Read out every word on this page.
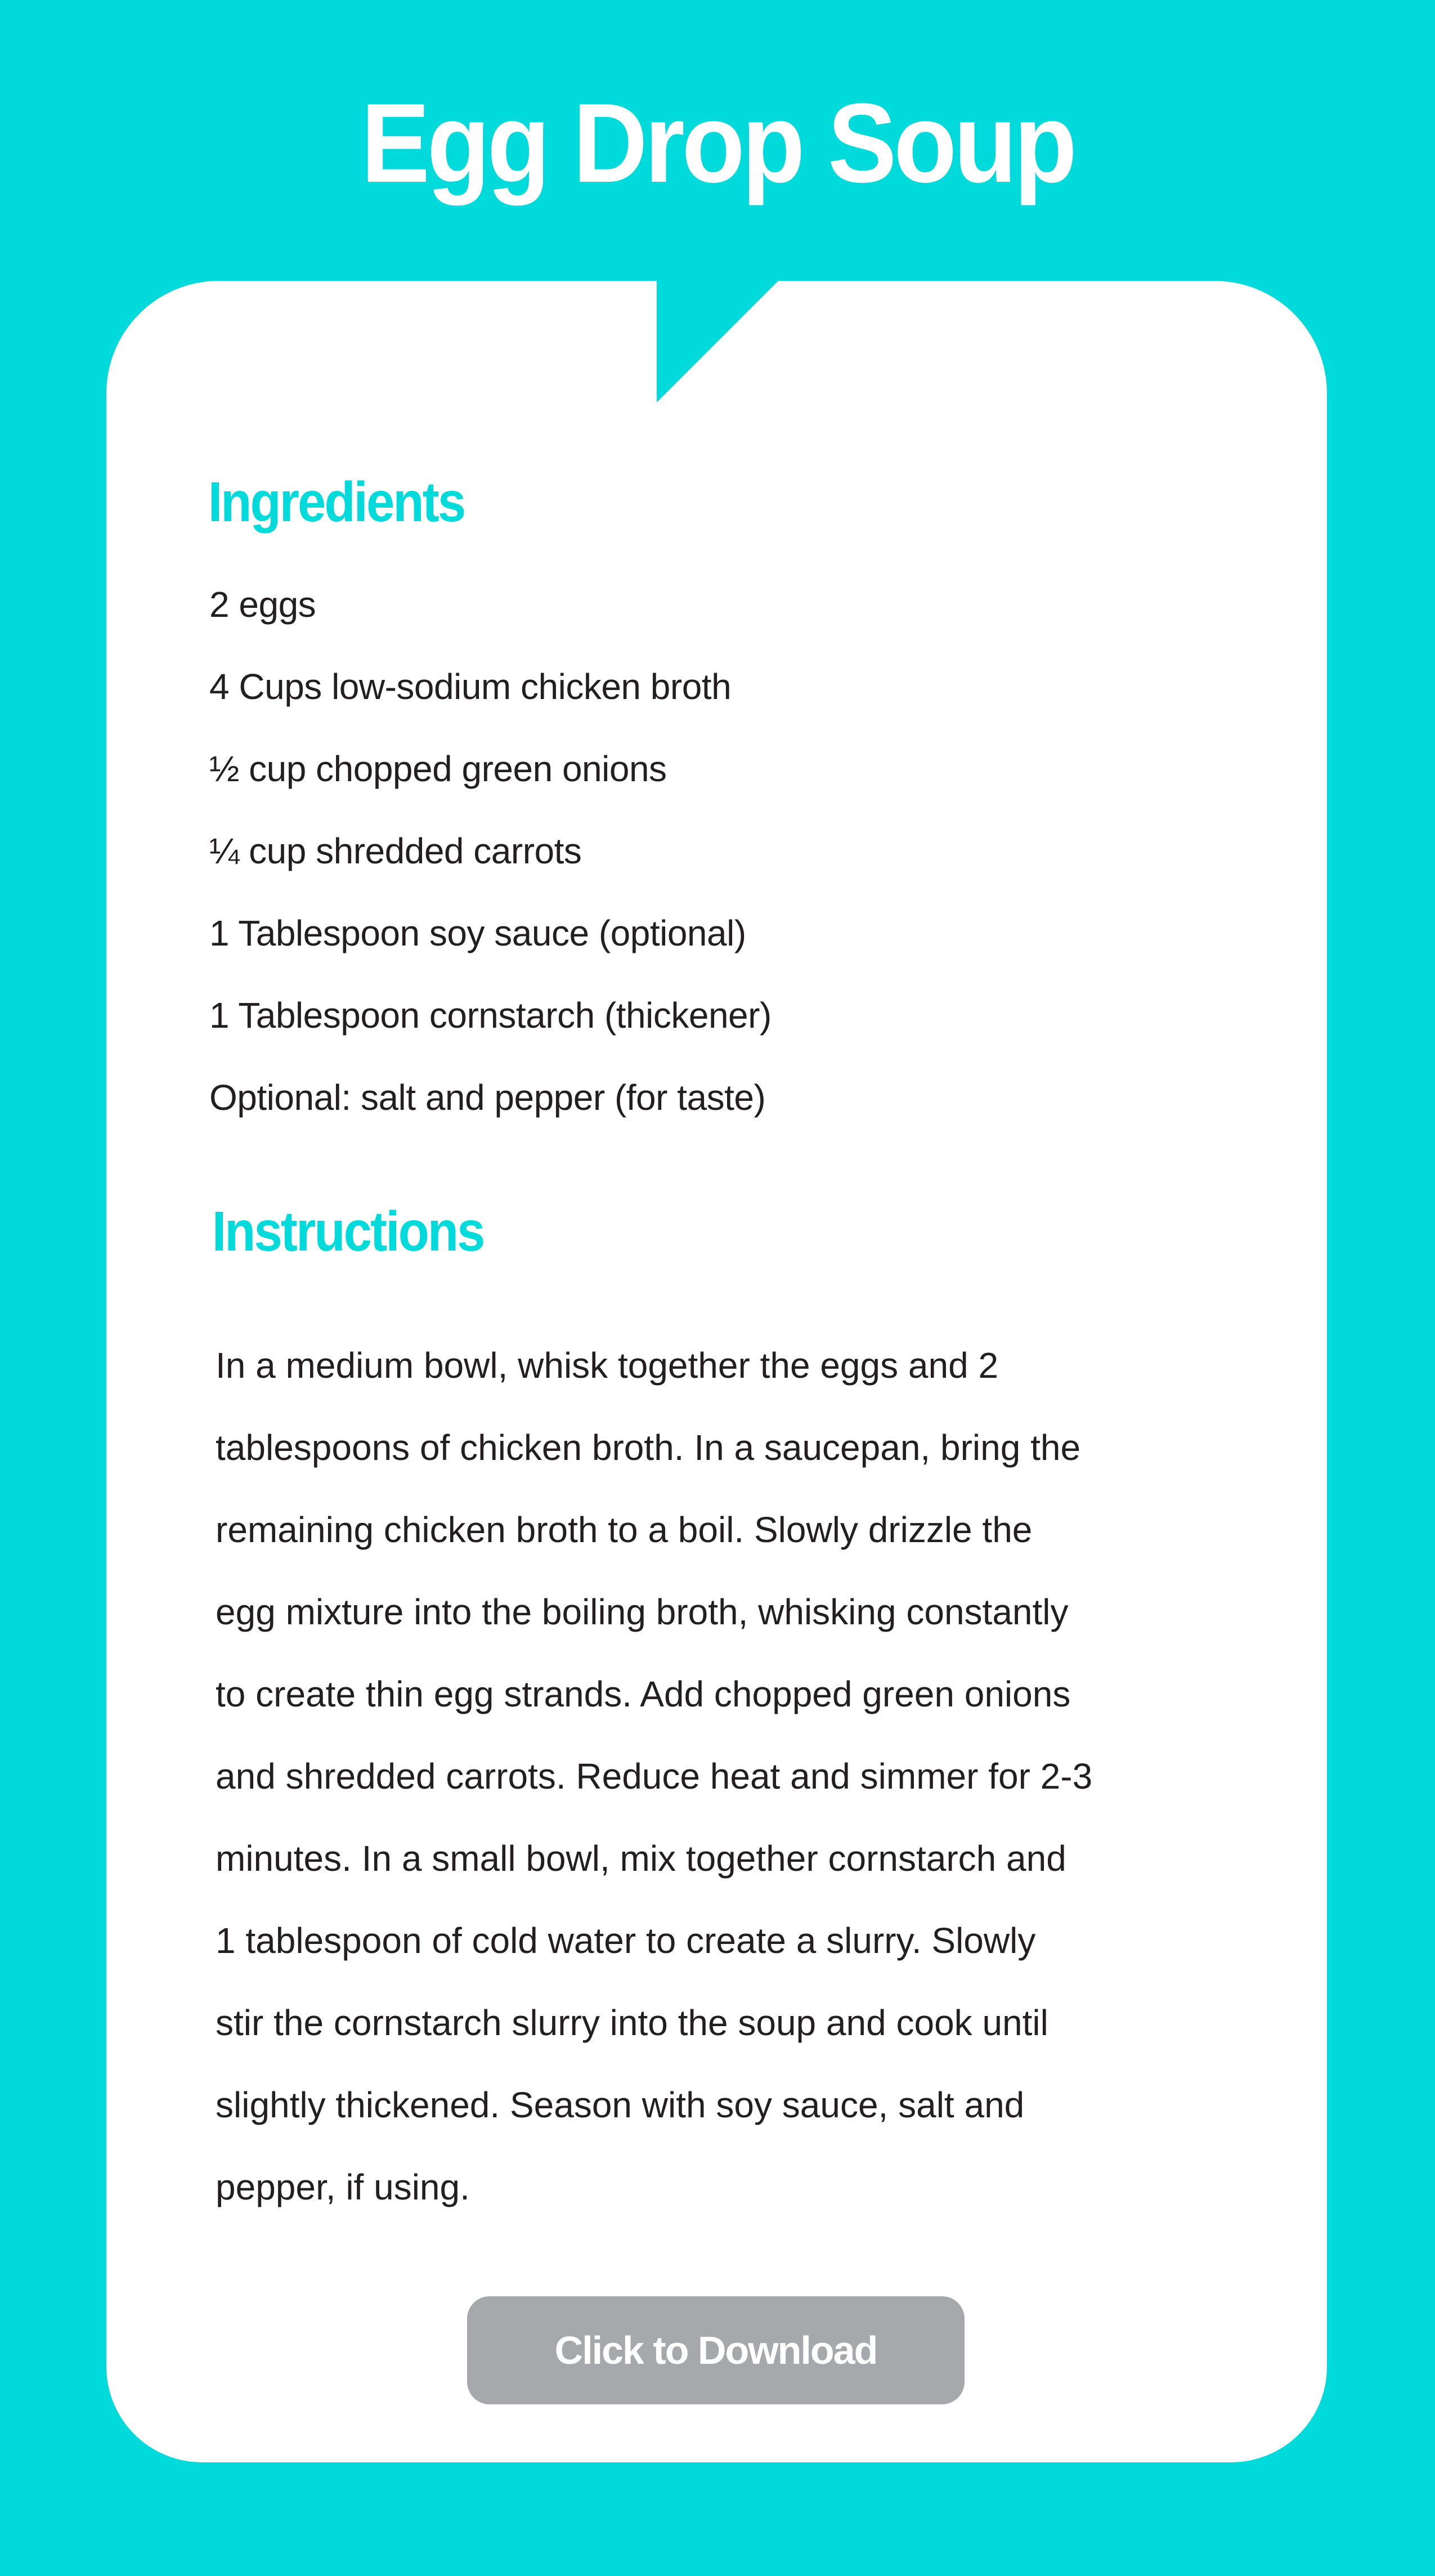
Egg Drop Soup
Ingredients
2 eggs
4 Cups low-sodium chicken broth
½ cup chopped green onions
¼ cup shredded carrots
1 Tablespoon soy sauce (optional)
1 Tablespoon cornstarch (thickener)
Optional: salt and pepper (for taste)
Instructions
In a medium bowl, whisk together the eggs and 2
tablespoons of chicken broth. In a saucepan, bring the
remaining chicken broth to a boil. Slowly drizzle the
egg mixture into the boiling broth, whisking constantly
to create thin egg strands. Add chopped green onions
and shredded carrots. Reduce heat and simmer for 2-3
minutes. In a small bowl, mix together cornstarch and
1 tablespoon of cold water to create a slurry. Slowly
stir the cornstarch slurry into the soup and cook until
slightly thickened. Season with soy sauce, salt and
pepper, if using.
Click to Download
